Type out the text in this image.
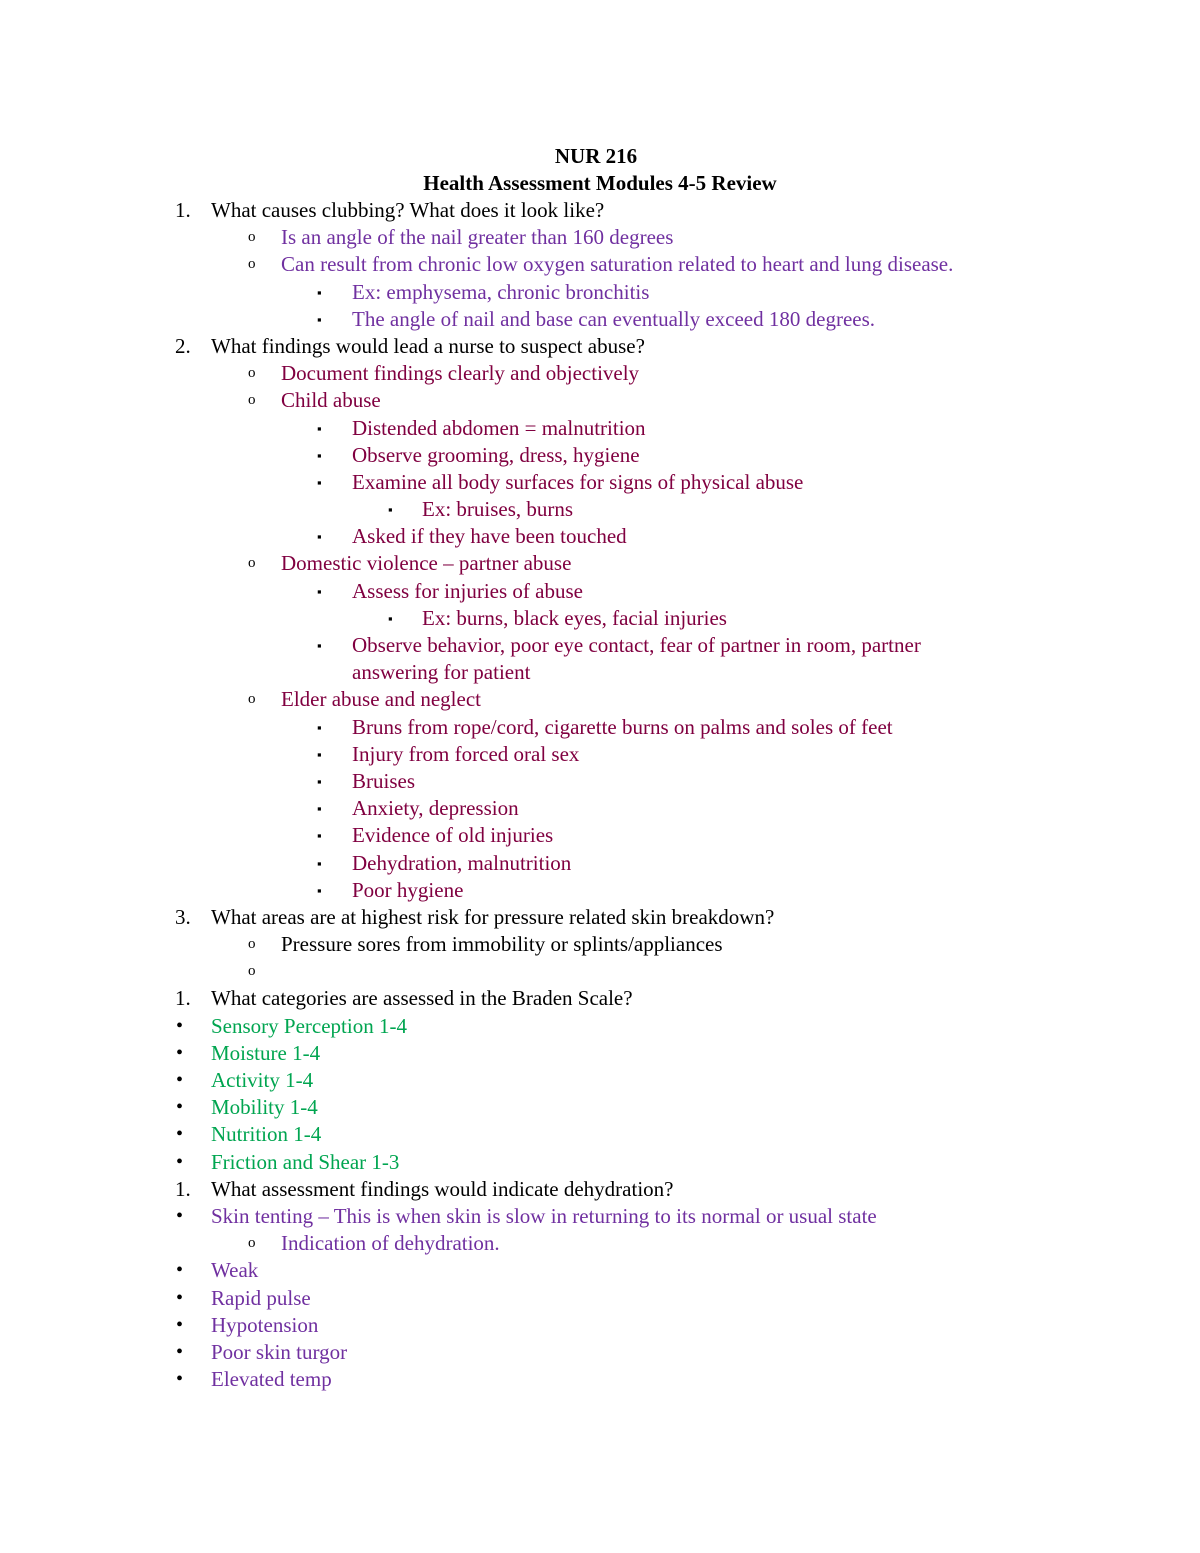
NUR 216
Health Assessment Modules 4-5 Review
1. What causes clubbing? What does it look like?
o Is an angle of the nail greater than 160 degrees
o Can result from chronic low oxygen saturation related to heart and lung disease.
▪ Ex: emphysema, chronic bronchitis
▪ The angle of nail and base can eventually exceed 180 degrees.
2. What findings would lead a nurse to suspect abuse?
o Document findings clearly and objectively
o Child abuse
▪ Distended abdomen = malnutrition
▪ Observe grooming, dress, hygiene
▪ Examine all body surfaces for signs of physical abuse
▪ Ex: bruises, burns
▪ Asked if they have been touched
o Domestic violence – partner abuse
▪ Assess for injuries of abuse
▪ Ex: burns, black eyes, facial injuries
▪ Observe behavior, poor eye contact, fear of partner in room, partner answering for patient
o Elder abuse and neglect
▪ Bruns from rope/cord, cigarette burns on palms and soles of feet
▪ Injury from forced oral sex
▪ Bruises
▪ Anxiety, depression
▪ Evidence of old injuries
▪ Dehydration, malnutrition
▪ Poor hygiene
3. What areas are at highest risk for pressure related skin breakdown?
o Pressure sores from immobility or splints/appliances
o
1. What categories are assessed in the Braden Scale?
• Sensory Perception 1-4
• Moisture 1-4
• Activity 1-4
• Mobility 1-4
• Nutrition 1-4
• Friction and Shear 1-3
1. What assessment findings would indicate dehydration?
• Skin tenting – This is when skin is slow in returning to its normal or usual state
o Indication of dehydration.
• Weak
• Rapid pulse
• Hypotension
• Poor skin turgor
• Elevated temp
